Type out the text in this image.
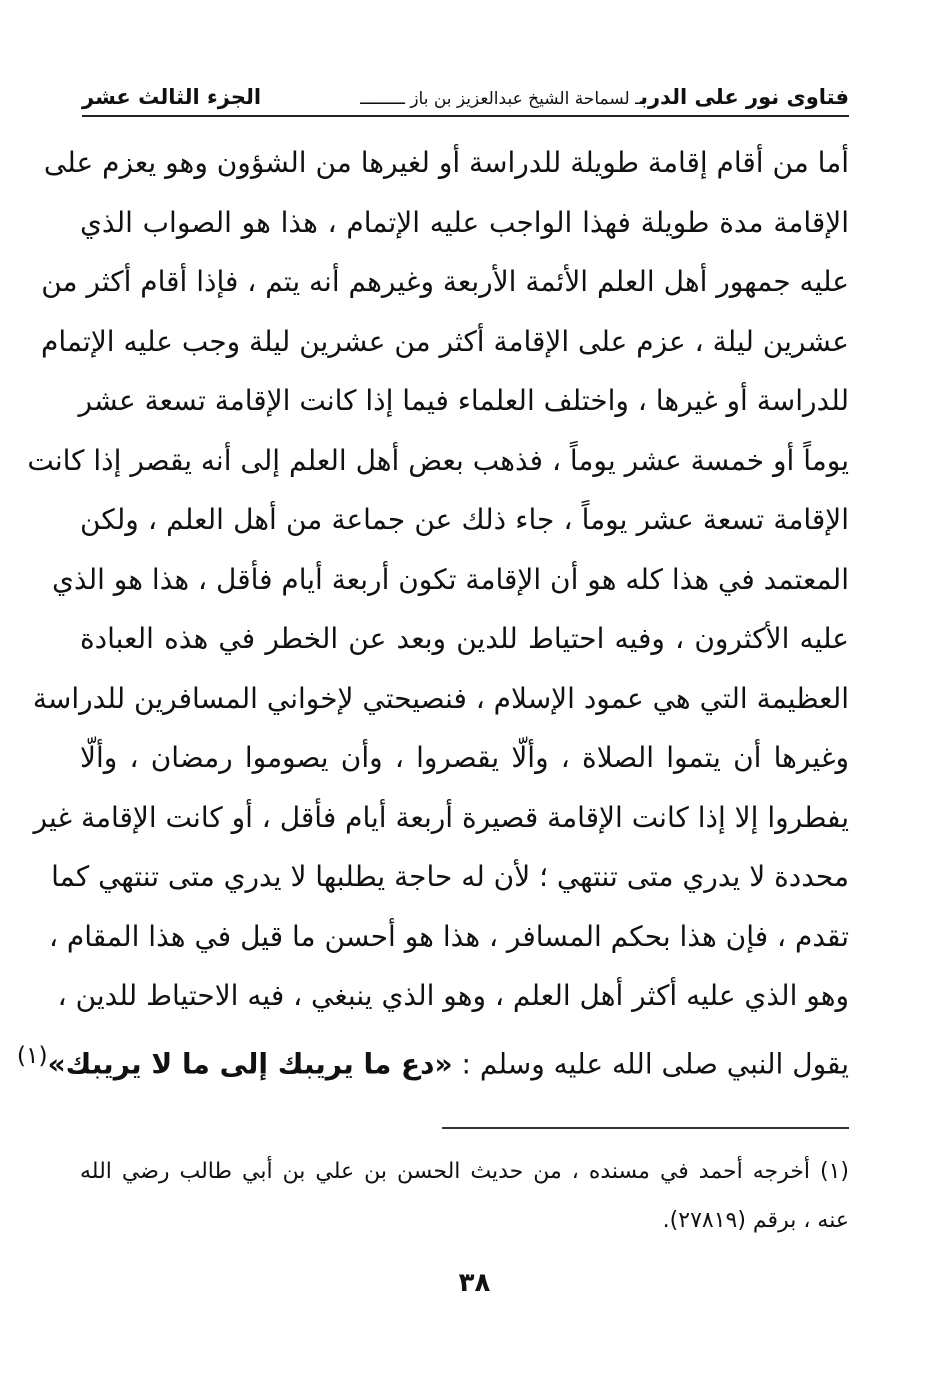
فتاوى نور على الدربـ لسماحة الشيخ عبدالعزيز بن باز ـــــــــ
الجزء الثالث عشر
أما من أقام إقامة طويلة للدراسة أو لغيرها من الشؤون وهو يعزم على
الإقامة مدة طويلة فهذا الواجب عليه الإتمام ، هذا هو الصواب الذي
عليه جمهور أهل العلم الأئمة الأربعة وغيرهم أنه يتم ، فإذا أقام أكثر من
عشرين ليلة ، عزم على الإقامة أكثر من عشرين ليلة وجب عليه الإتمام
للدراسة أو غيرها ، واختلف العلماء فيما إذا كانت الإقامة تسعة عشر
يوماً أو خمسة عشر يوماً ، فذهب بعض أهل العلم إلى أنه يقصر إذا كانت
الإقامة تسعة عشر يوماً ، جاء ذلك عن جماعة من أهل العلم ، ولكن
المعتمد في هذا كله هو أن الإقامة تكون أربعة أيام فأقل ، هذا هو الذي
عليه الأكثرون ، وفيه احتياط للدين وبعد عن الخطر في هذه العبادة
العظيمة التي هي عمود الإسلام ، فنصيحتي لإخواني المسافرين للدراسة
وغيرها أن يتموا الصلاة ، وألّا يقصروا ، وأن يصوموا رمضان ، وألّا
يفطروا إلا إذا كانت الإقامة قصيرة أربعة أيام فأقل ، أو كانت الإقامة غير
محددة لا يدري متى تنتهي ؛ لأن له حاجة يطلبها لا يدري متى تنتهي كما
تقدم ، فإن هذا بحكم المسافر ، هذا هو أحسن ما قيل في هذا المقام ،
وهو الذي عليه أكثر أهل العلم ، وهو الذي ينبغي ، فيه الاحتياط للدين ،
يقول النبي صلى الله عليه وسلم : «دع ما يريبك إلى ما لا يريبك»$^{(١)}$
(١) أخرجه أحمد في مسنده ، من حديث الحسن بن علي بن أبي طالب رضي الله
عنه ، برقم (٢٧٨١٩).
٣٨
